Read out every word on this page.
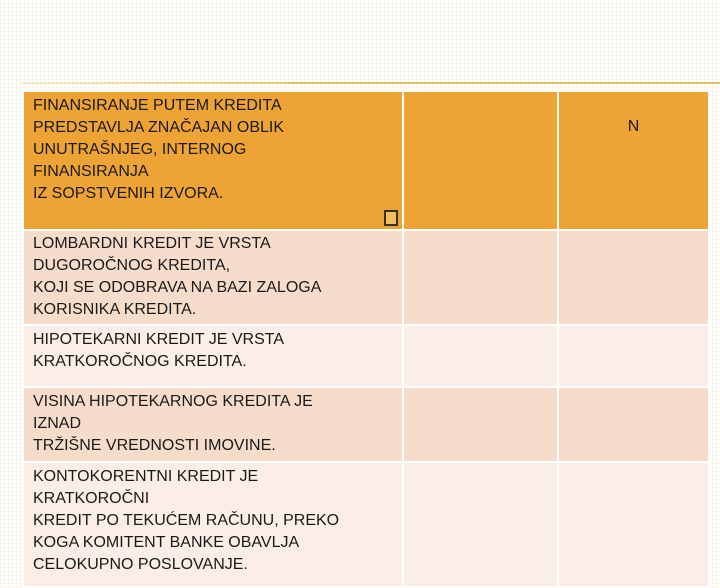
FINANSIRANJE PUTEM KREDITA
PREDSTAVLJA ZNAČAJAN OBLIK
UNUTRAŠNJEG, INTERNOG
FINANSIRANJA
IZ SOPSTVENIH IZVORA.		N

LOMBARDNI KREDIT JE VRSTA
DUGOROČNOG KREDITA,
KOJI SE ODOBRAVA NA BAZI ZALOGA
KORISNIKA KREDITA.		

HIPOTEKARNI KREDIT JE VRSTA
KRATKOROČNOG KREDITA.		

VISINA HIPOTEKARNOG KREDITA JE
IZNAD
TRŽIŠNE VREDNOSTI IMOVINE.		

KONTOKORENTNI KREDIT JE
KRATKOROČNI
KREDIT PO TEKUĆEM RAČUNU, PREKO
KOGA KOMITENT BANKE OBAVLJA
CELOKUPNO POSLOVANJE.		
